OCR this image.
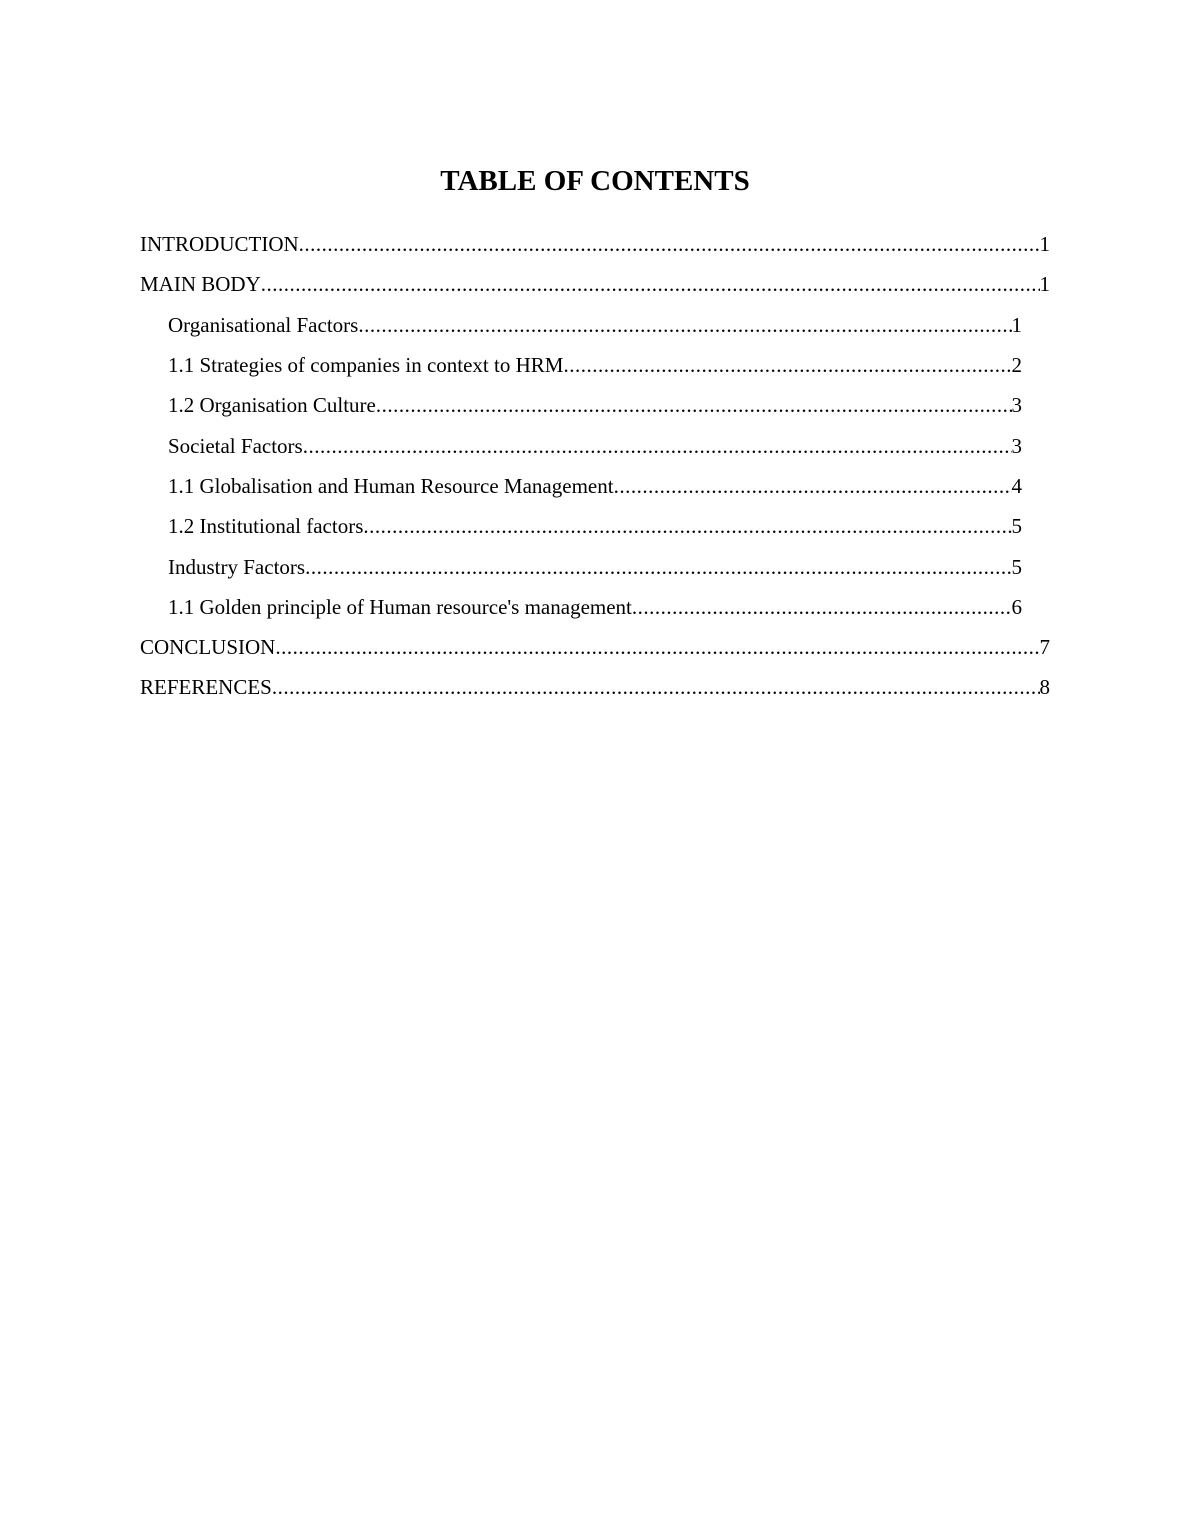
TABLE OF CONTENTS
INTRODUCTION .....	1
MAIN BODY .....	1
Organisational Factors .....	1
1.1 Strategies of companies in context to HRM .....	2
1.2 Organisation Culture .....	3
Societal Factors .....	3
1.1 Globalisation and Human Resource Management .....	4
1.2 Institutional factors .....	5
Industry Factors .....	5
1.1 Golden principle of Human resource's management .....	6
CONCLUSION .....	7
REFERENCES .....	8
